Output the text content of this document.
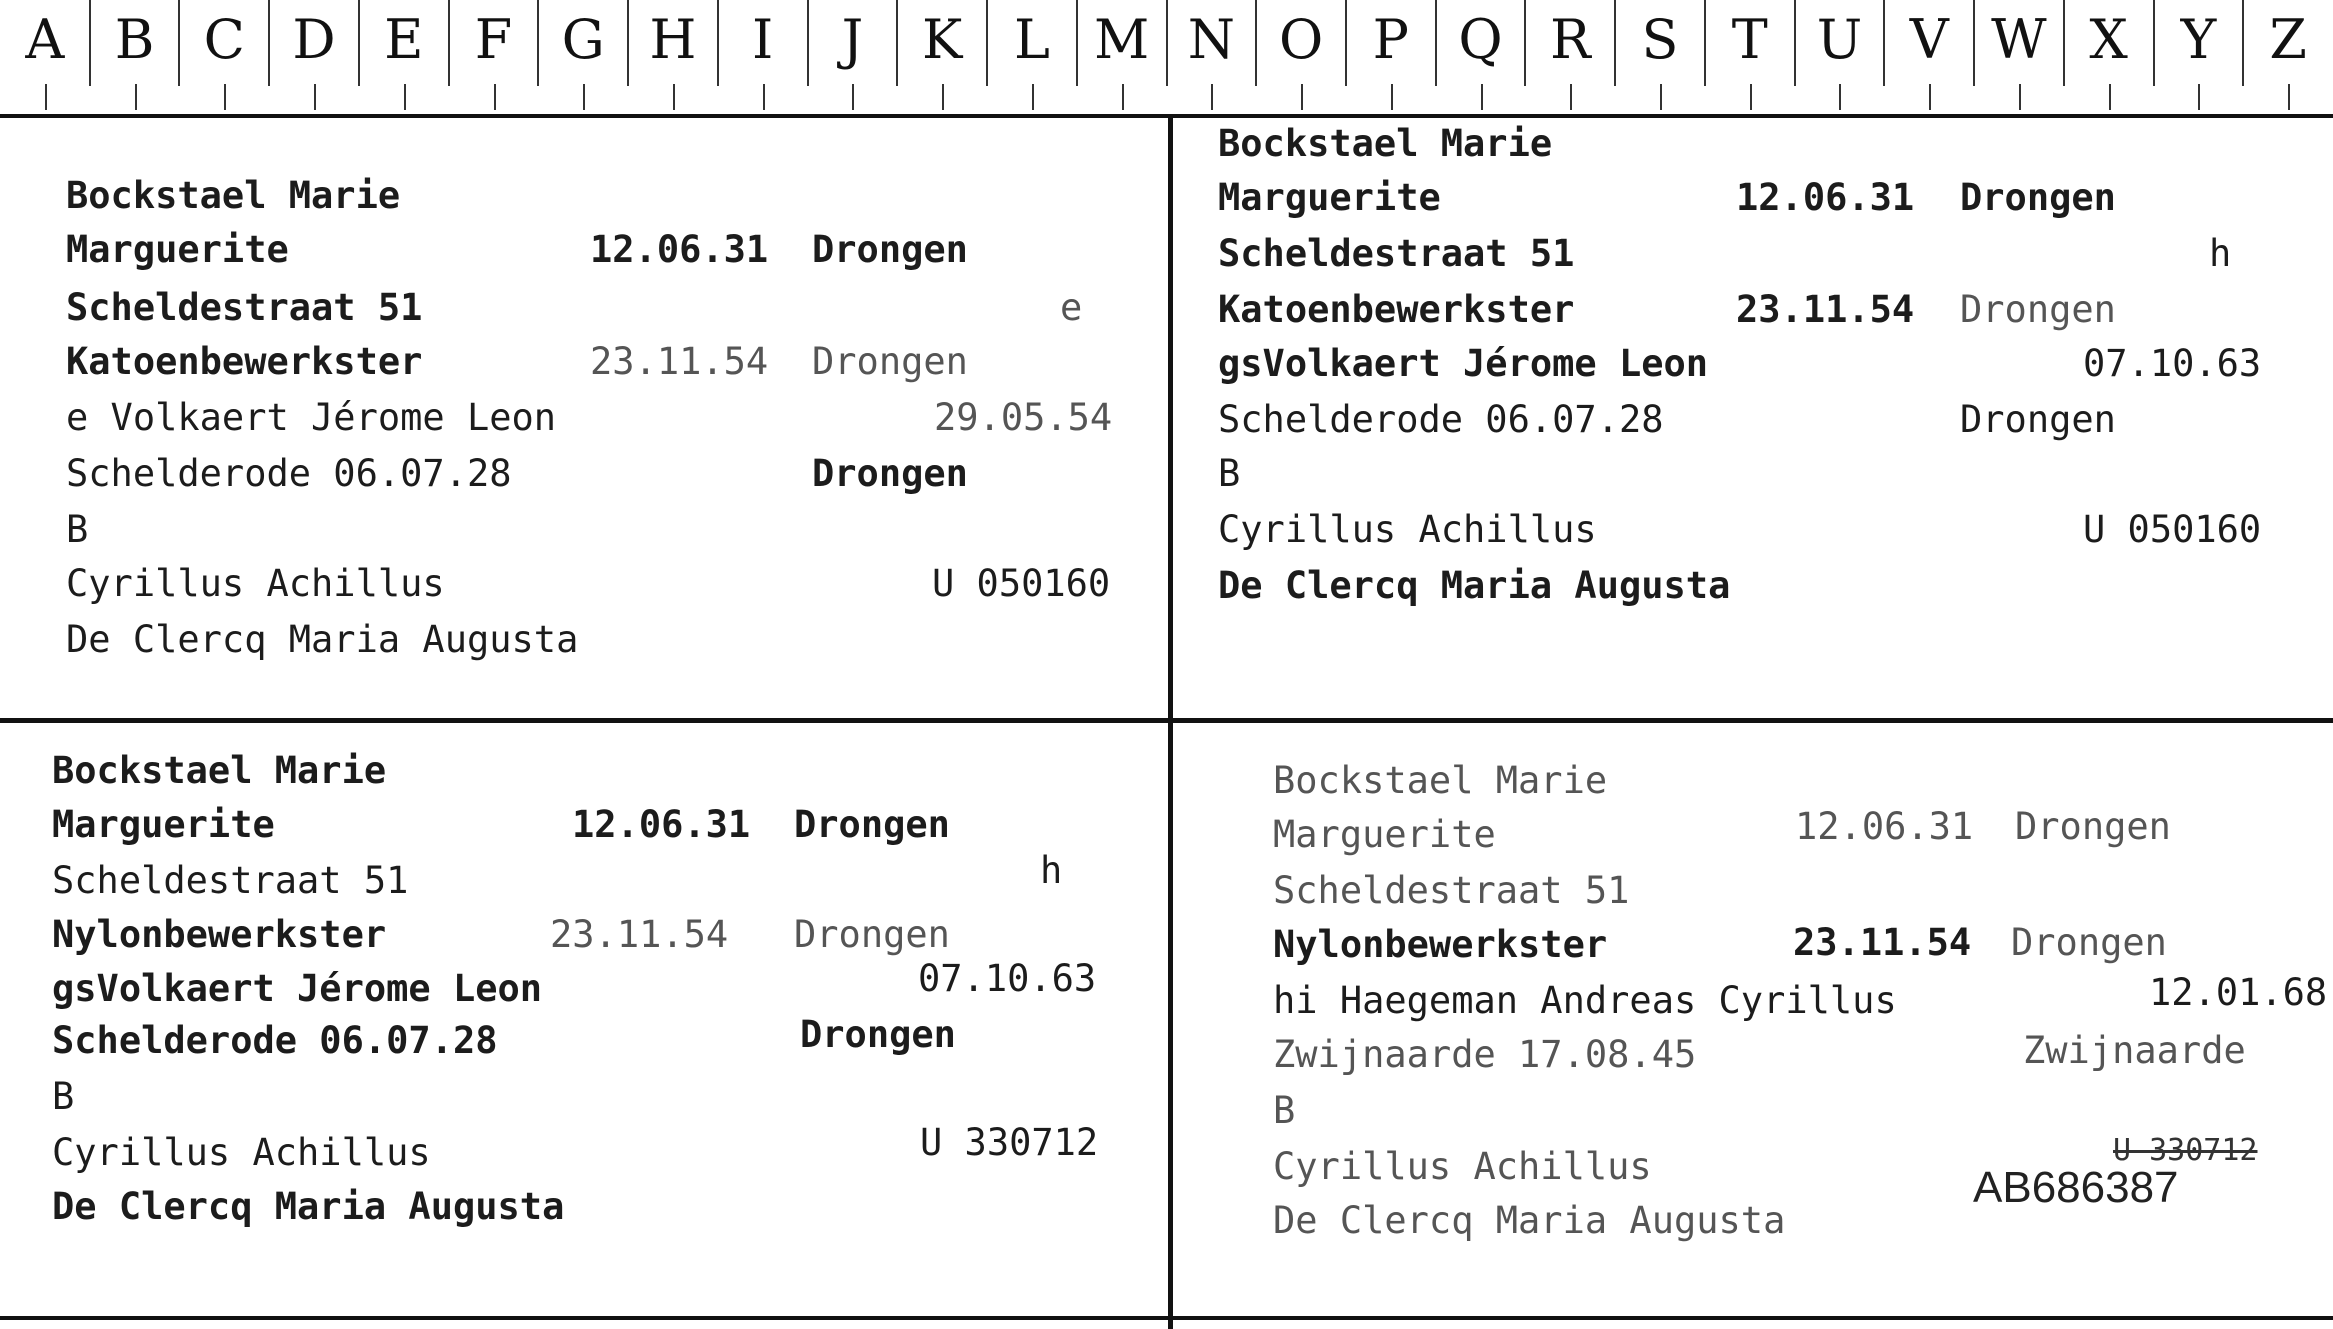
A B C D E F G H	I	J	K L M N O P Q R S T U V W X Y Z
Bockstael Marie
Marguerite	12.06.31 Drongen
Scheldestraat 51	e
Katoenbewerkster	23.11.54 Drongen
e Volkaert Jérome Leon	29.05.54
Schelderode 06.07.28	Drongen
B
Cyrillus Achillus	U 050160
De Clercq Maria Augusta
Bockstael Marie
Marguerite	12.06.31 Drongen
Scheldestraat 51	h
Katoenbewerkster	23.11.54 Drongen
gsVolkaert Jérome Leon	07.10.63
Schelderode 06.07.28	Drongen
B
Cyrillus Achillus	U 050160
De Clercq Maria Augusta
Bockstael Marie
Marguerite	12.06.31 Drongen
Scheldestraat 51	h
Nylonbewerkster	23.11.54 Drongen
gsVolkaert Jérome Leon	07.10.63
Schelderode 06.07.28	Drongen
B
Cyrillus Achillus	U 330712
De Clercq Maria Augusta
Bockstael Marie
Marguerite	12.06.31 Drongen
Scheldestraat 51
Nylonbewerkster	23.11.54 Drongen
hi Haegeman Andreas Cyrillus	12.01.68
Zwijnaarde 17.08.45	Zwijnaarde
B
Cyrillus Achillus	U 330712
AB686387
De Clercq Maria Augusta
